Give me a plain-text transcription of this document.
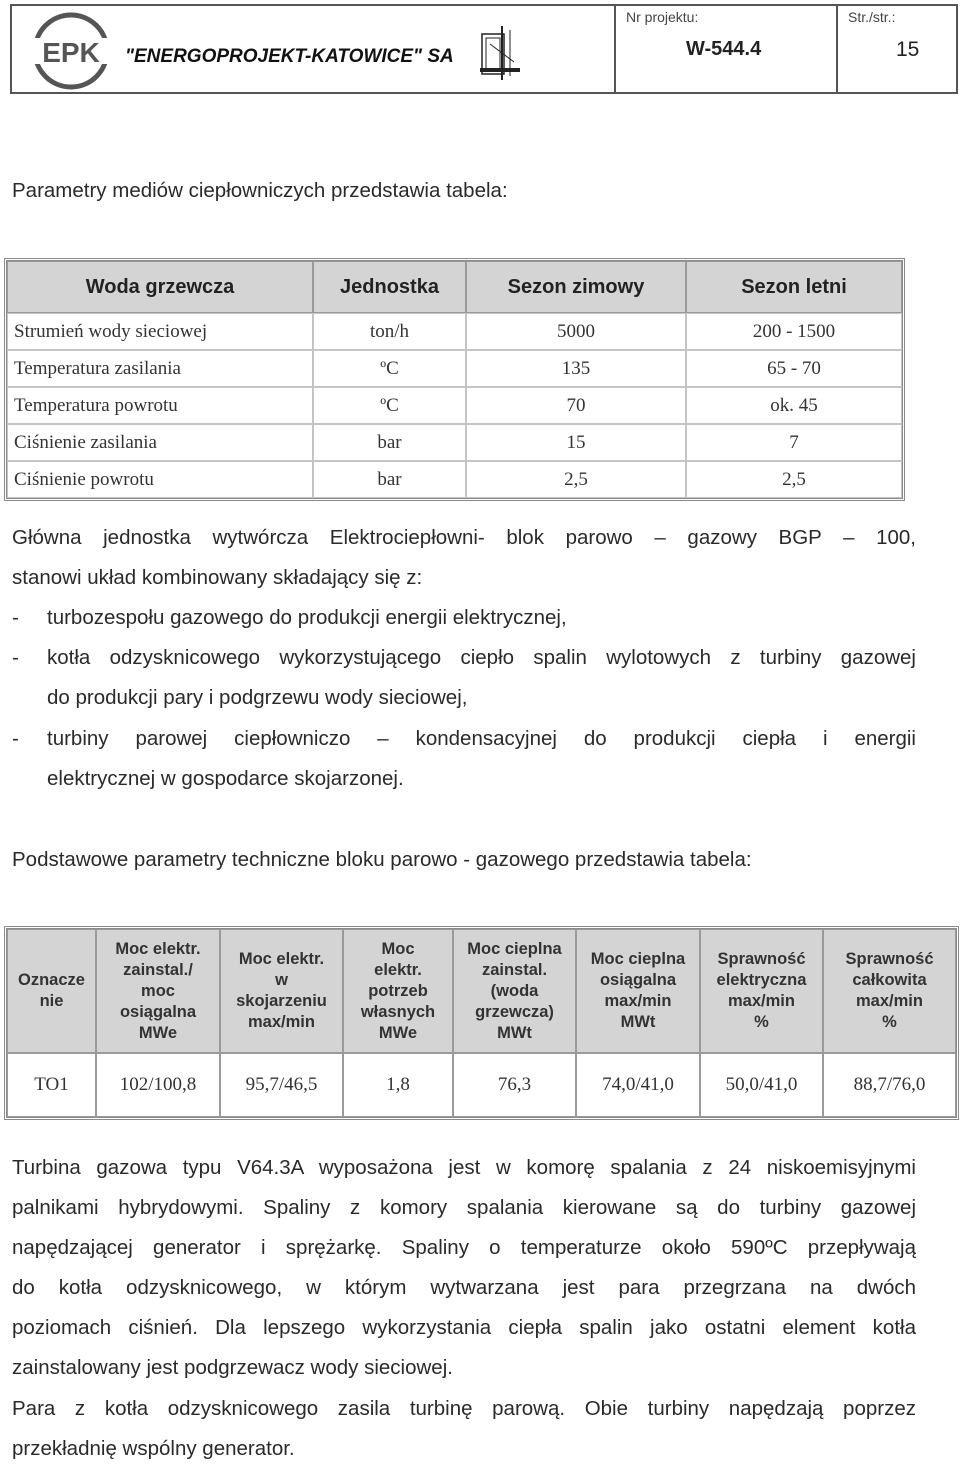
EPK "ENERGOPROJEKT-KATOWICE" SA
Nr projektu:
W-544.4
Str./str.:
15
Parametry mediów ciepłowniczych przedstawia tabela:
Woda grzewcza	Jednostka	Sezon zimowy	Sezon letni
Strumień wody sieciowej	ton/h	5000	200 - 1500
Temperatura zasilania	ºC	135	65 - 70
Temperatura powrotu	ºC	70	ok. 45
Ciśnienie zasilania	bar	15	7
Ciśnienie powrotu	bar	2,5	2,5
Główna jednostka wytwórcza Elektrociepłowni- blok parowo – gazowy BGP – 100,
stanowi układ kombinowany składający się z:
- turbozespołu gazowego do produkcji energii elektrycznej,
- kotła odzysknicowego wykorzystującego ciepło spalin wylotowych z turbiny gazowej
do produkcji pary i podgrzewu wody sieciowej,
- turbiny parowej ciepłowniczo – kondensacyjnej do produkcji ciepła i energii
elektrycznej w gospodarce skojarzonej.
Podstawowe parametry techniczne bloku parowo - gazowego przedstawia tabela:
Oznacze
nie	Moc elektr.
zainstal./
moc
osiągalna
MWe	Moc elektr.
w
skojarzeniu
max/min	Moc
elektr.
potrzeb
własnych
MWe	Moc cieplna
zainstal.
(woda
grzewcza)
MWt	Moc cieplna
osiągalna
max/min
MWt	Sprawność
elektryczna
max/min
%	Sprawność
całkowita
max/min
%

TO1	102/100,8	95,7/46,5	1,8	76,3	74,0/41,0	50,0/41,0	88,7/76,0
Turbina gazowa typu V64.3A wyposażona jest w komorę spalania z 24 niskoemisyjnymi
palnikami hybrydowymi. Spaliny z komory spalania kierowane są do turbiny gazowej
napędzającej generator i sprężarkę. Spaliny o temperaturze około 590ºC przepływają
do kotła odzysknicowego, w którym wytwarzana jest para przegrzana na dwóch
poziomach ciśnień. Dla lepszego wykorzystania ciepła spalin jako ostatni element kotła
zainstalowany jest podgrzewacz wody sieciowej.
Para z kotła odzysknicowego zasila turbinę parową. Obie turbiny napędzają poprzez
przekładnię wspólny generator.
